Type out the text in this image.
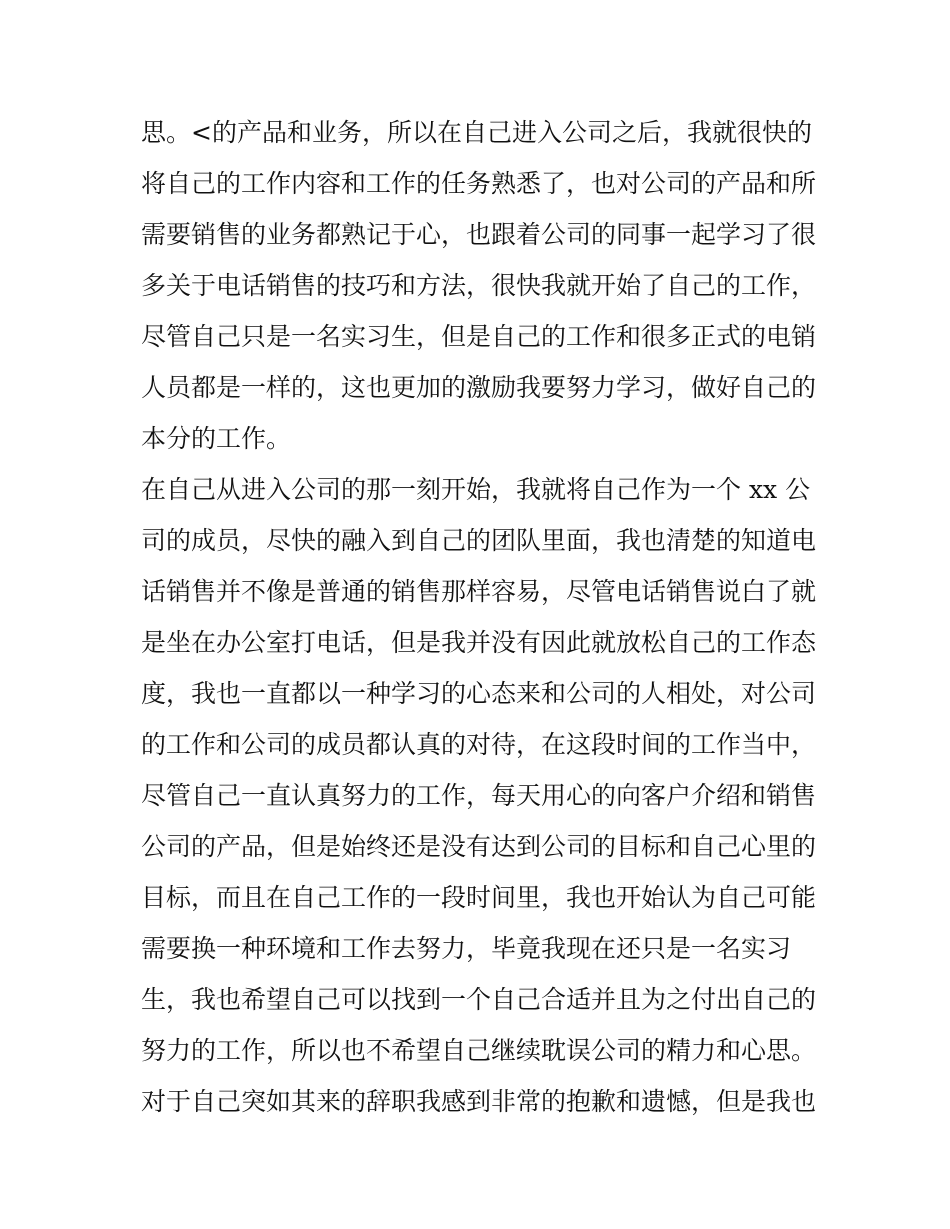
思。<的产品和业务，所以在自己进入公司之后，我就很快的
将自己的工作内容和工作的任务熟悉了，也对公司的产品和所
需要销售的业务都熟记于心，也跟着公司的同事一起学习了很
多关于电话销售的技巧和方法，很快我就开始了自己的工作，
尽管自己只是一名实习生，但是自己的工作和很多正式的电销
人员都是一样的，这也更加的激励我要努力学习，做好自己的
本分的工作。
在自己从进入公司的那一刻开始，我就将自己作为一个 xx 公
司的成员，尽快的融入到自己的团队里面，我也清楚的知道电
话销售并不像是普通的销售那样容易，尽管电话销售说白了就
是坐在办公室打电话，但是我并没有因此就放松自己的工作态
度，我也一直都以一种学习的心态来和公司的人相处，对公司
的工作和公司的成员都认真的对待，在这段时间的工作当中，
尽管自己一直认真努力的工作，每天用心的向客户介绍和销售
公司的产品，但是始终还是没有达到公司的目标和自己心里的
目标，而且在自己工作的一段时间里，我也开始认为自己可能
需要换一种环境和工作去努力，毕竟我现在还只是一名实习
生，我也希望自己可以找到一个自己合适并且为之付出自己的
努力的工作，所以也不希望自己继续耽误公司的精力和心思。
对于自己突如其来的辞职我感到非常的抱歉和遗憾，但是我也
